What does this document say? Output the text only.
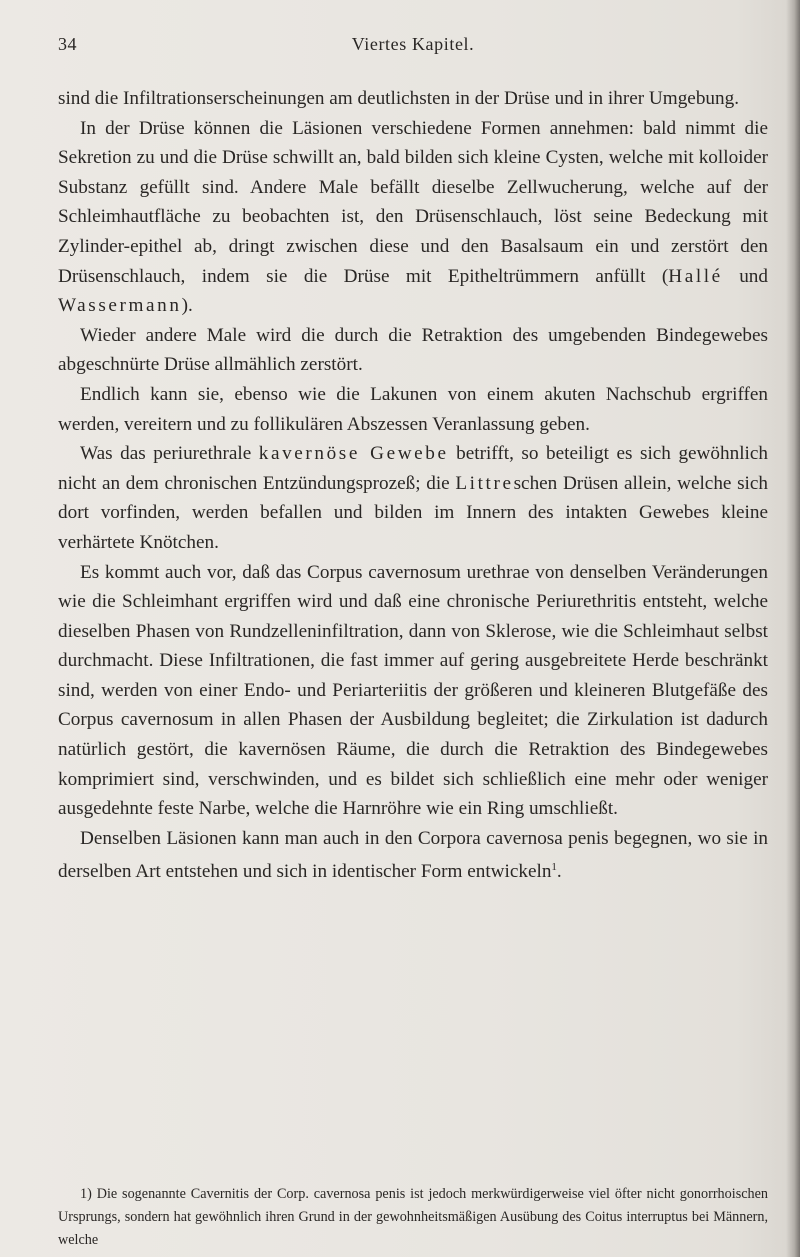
34	Viertes Kapitel.

sind die Infiltrationserscheinungen am deutlichsten in der Drüse und in ihrer Umgebung.

In der Drüse können die Läsionen verschiedene Formen annehmen: bald nimmt die Sekretion zu und die Drüse schwillt an, bald bilden sich kleine Cysten, welche mit kolloider Substanz gefüllt sind. Andere Male befällt dieselbe Zellwucherung, welche auf der Schleimhautfläche zu beobachten ist, den Drüsenschlauch, löst seine Bedeckung mit Zylinder-epithel ab, dringt zwischen diese und den Basalsaum ein und zerstört den Drüsenschlauch, indem sie die Drüse mit Epitheltrümmern anfüllt (Hallé und Wassermann).

Wieder andere Male wird die durch die Retraktion des umgebenden Bindegewebes abgeschnürte Drüse allmählich zerstört.

Endlich kann sie, ebenso wie die Lakunen von einem akuten Nachschub ergriffen werden, vereitern und zu follikulären Abszessen Veranlassung geben.

Was das periurethrale kavernöse Gewebe betrifft, so beteiligt es sich gewöhnlich nicht an dem chronischen Entzündungsprozeß; die Littreschen Drüsen allein, welche sich dort vorfinden, werden befallen und bilden im Innern des intakten Gewebes kleine verhärtete Knötchen.

Es kommt auch vor, daß das Corpus cavernosum urethrae von denselben Veränderungen wie die Schleimhant ergriffen wird und daß eine chronische Periurethritis entsteht, welche dieselben Phasen von Rundzelleninfiltration, dann von Sklerose, wie die Schleimhaut selbst durchmacht. Diese Infiltrationen, die fast immer auf gering ausgebreitete Herde beschränkt sind, werden von einer Endo- und Periarteriitis der größeren und kleineren Blutgefäße des Corpus cavernosum in allen Phasen der Ausbildung begleitet; die Zirkulation ist dadurch natürlich gestört, die kavernösen Räume, die durch die Retraktion des Bindegewebes komprimiert sind, verschwinden, und es bildet sich schließlich eine mehr oder weniger ausgedehnte feste Narbe, welche die Harnröhre wie ein Ring umschließt.

Denselben Läsionen kann man auch in den Corpora cavernosa penis begegnen, wo sie in derselben Art entstehen und sich in identischer Form entwickeln$^1$.

1) Die sogenannte Cavernitis der Corp. cavernosa penis ist jedoch merkwürdigerweise viel öfter nicht gonorrhoischen Ursprungs, sondern hat gewöhnlich ihren Grund in der gewohnheitsmäßigen Ausübung des Coitus interruptus bei Männern, welche
